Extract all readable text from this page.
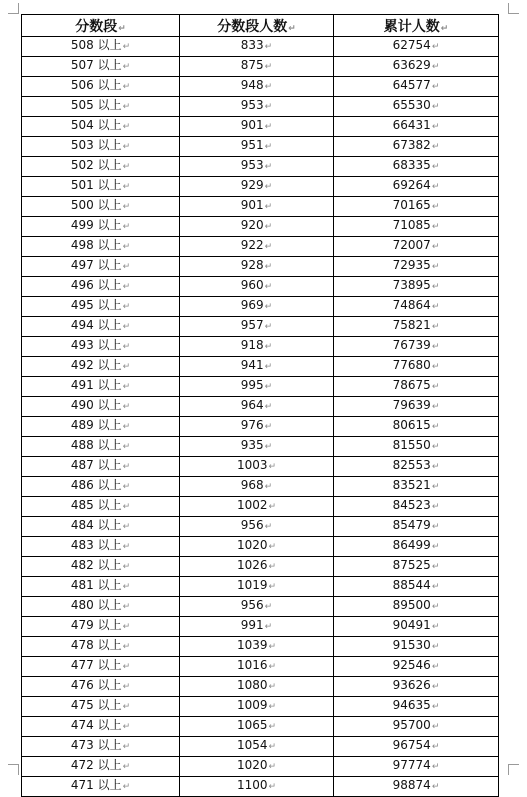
分数段↵	分数段人数↵	累计人数↵
508 以上↵	833↵	62754↵
507 以上↵	875↵	63629↵
506 以上↵	948↵	64577↵
505 以上↵	953↵	65530↵
504 以上↵	901↵	66431↵
503 以上↵	951↵	67382↵
502 以上↵	953↵	68335↵
501 以上↵	929↵	69264↵
500 以上↵	901↵	70165↵
499 以上↵	920↵	71085↵
498 以上↵	922↵	72007↵
497 以上↵	928↵	72935↵
496 以上↵	960↵	73895↵
495 以上↵	969↵	74864↵
494 以上↵	957↵	75821↵
493 以上↵	918↵	76739↵
492 以上↵	941↵	77680↵
491 以上↵	995↵	78675↵
490 以上↵	964↵	79639↵
489 以上↵	976↵	80615↵
488 以上↵	935↵	81550↵
487 以上↵	1003↵	82553↵
486 以上↵	968↵	83521↵
485 以上↵	1002↵	84523↵
484 以上↵	956↵	85479↵
483 以上↵	1020↵	86499↵
482 以上↵	1026↵	87525↵
481 以上↵	1019↵	88544↵
480 以上↵	956↵	89500↵
479 以上↵	991↵	90491↵
478 以上↵	1039↵	91530↵
477 以上↵	1016↵	92546↵
476 以上↵	1080↵	93626↵
475 以上↵	1009↵	94635↵
474 以上↵	1065↵	95700↵
473 以上↵	1054↵	96754↵
472 以上↵	1020↵	97774↵
471 以上↵	1100↵	98874↵
